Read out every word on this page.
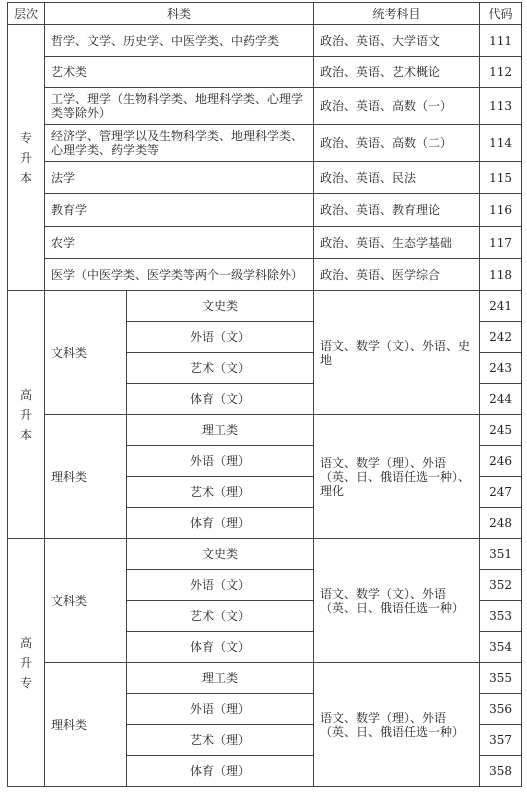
层次	科类		统考科目	代码
专升本	哲学、文学、历史学、中医学类、中药学类		政治、英语、大学语文	111
	艺术类		政治、英语、艺术概论	112
	工学、理学（生物科学类、地理科学类、心理学类等除外）		政治、英语、高数（一）	113
	经济学、管理学以及生物科学类、地理科学类、心理学类、药学类等		政治、英语、高数（二）	114
	法学		政治、英语、民法	115
	教育学		政治、英语、教育理论	116
	农学		政治、英语、生态学基础	117
	医学（中医学类、医学类等两个一级学科除外）		政治、英语、医学综合	118
高升本	文科类	文史类	语文、数学（文）、外语、史地	241
		外语（文）		242
		艺术（文）		243
		体育（文）		244
	理科类	理工类	语文、数学（理）、外语（英、日、俄语任选一种）、理化	245
		外语（理）		246
		艺术（理）		247
		体育（理）		248
高升专	文科类	文史类	语文、数学（文）、外语（英、日、俄语任选一种）	351
		外语（文）		352
		艺术（文）		353
		体育（文）		354
	理科类	理工类	语文、数学（理）、外语（英、日、俄语任选一种）	355
		外语（理）		356
		艺术（理）		357
		体育（理）		358
